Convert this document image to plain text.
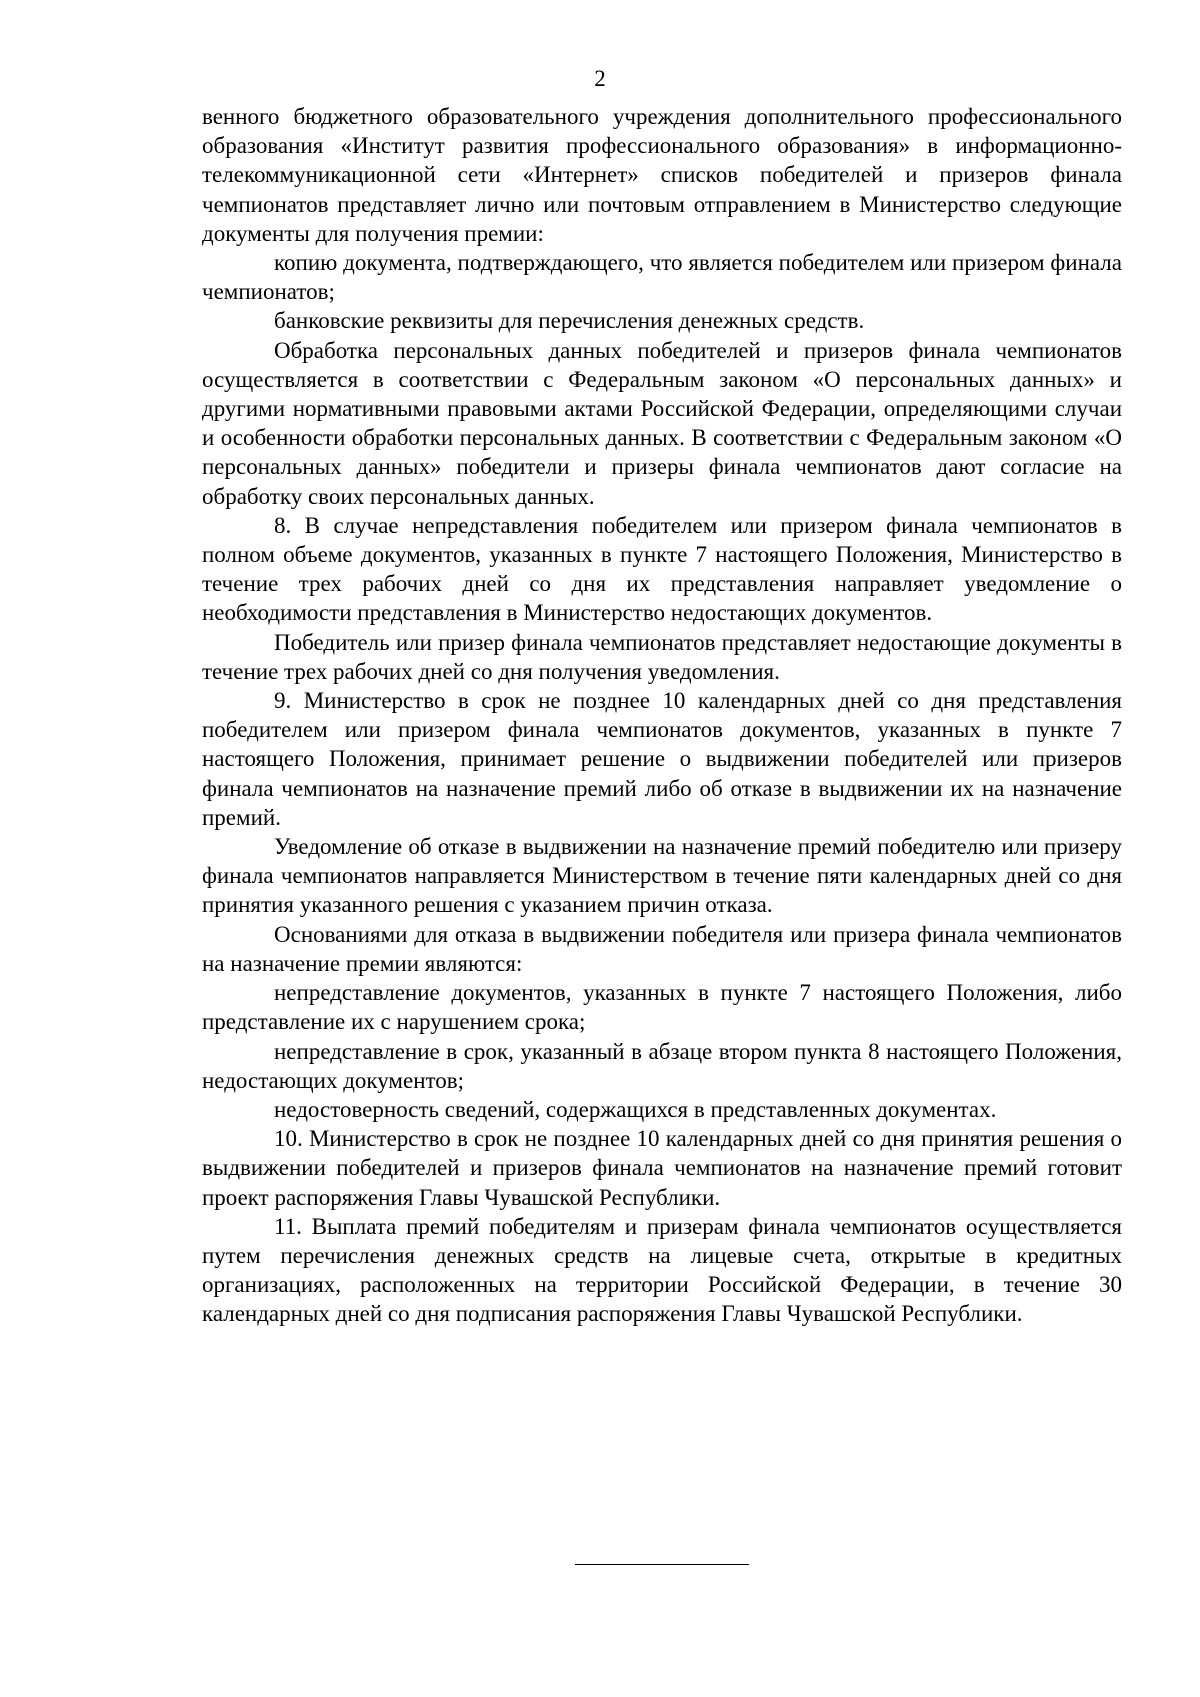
2

венного бюджетного образовательного учреждения дополнительного профессионального образования «Институт развития профессионального образования» в информационно-телекоммуникационной сети «Интернет» списков победителей и призеров финала чемпионатов представляет лично или почтовым отправлением в Министерство следующие документы для получения премии:

копию документа, подтверждающего, что является победителем или призером финала чемпионатов;

банковские реквизиты для перечисления денежных средств.

Обработка персональных данных победителей и призеров финала чемпионатов осуществляется в соответствии с Федеральным законом «О персональных данных» и другими нормативными правовыми актами Российской Федерации, определяющими случаи и особенности обработки персональных данных. В соответствии с Федеральным законом «О персональных данных» победители и призеры финала чемпионатов дают согласие на обработку своих персональных данных.

8. В случае непредставления победителем или призером финала чемпионатов в полном объеме документов, указанных в пункте 7 настоящего Положения, Министерство в течение трех рабочих дней со дня их представления направляет уведомление о необходимости представления в Министерство недостающих документов.

Победитель или призер финала чемпионатов представляет недостающие документы в течение трех рабочих дней со дня получения уведомления.

9. Министерство в срок не позднее 10 календарных дней со дня представления победителем или призером финала чемпионатов документов, указанных в пункте 7 настоящего Положения, принимает решение о выдвижении победителей или призеров финала чемпионатов на назначение премий либо об отказе в выдвижении их на назначение премий.

Уведомление об отказе в выдвижении на назначение премий победителю или призеру финала чемпионатов направляется Министерством в течение пяти календарных дней со дня принятия указанного решения с указанием причин отказа.

Основаниями для отказа в выдвижении победителя или призера финала чемпионатов на назначение премии являются:

непредставление документов, указанных в пункте 7 настоящего Положения, либо представление их с нарушением срока;

непредставление в срок, указанный в абзаце втором пункта 8 настоящего Положения, недостающих документов;

недостоверность сведений, содержащихся в представленных документах.

10. Министерство в срок не позднее 10 календарных дней со дня принятия решения о выдвижении победителей и призеров финала чемпионатов на назначение премий готовит проект распоряжения Главы Чувашской Республики.

11. Выплата премий победителям и призерам финала чемпионатов осуществляется путем перечисления денежных средств на лицевые счета, открытые в кредитных организациях, расположенных на территории Российской Федерации, в течение 30 календарных дней со дня подписания распоряжения Главы Чувашской Республики.
